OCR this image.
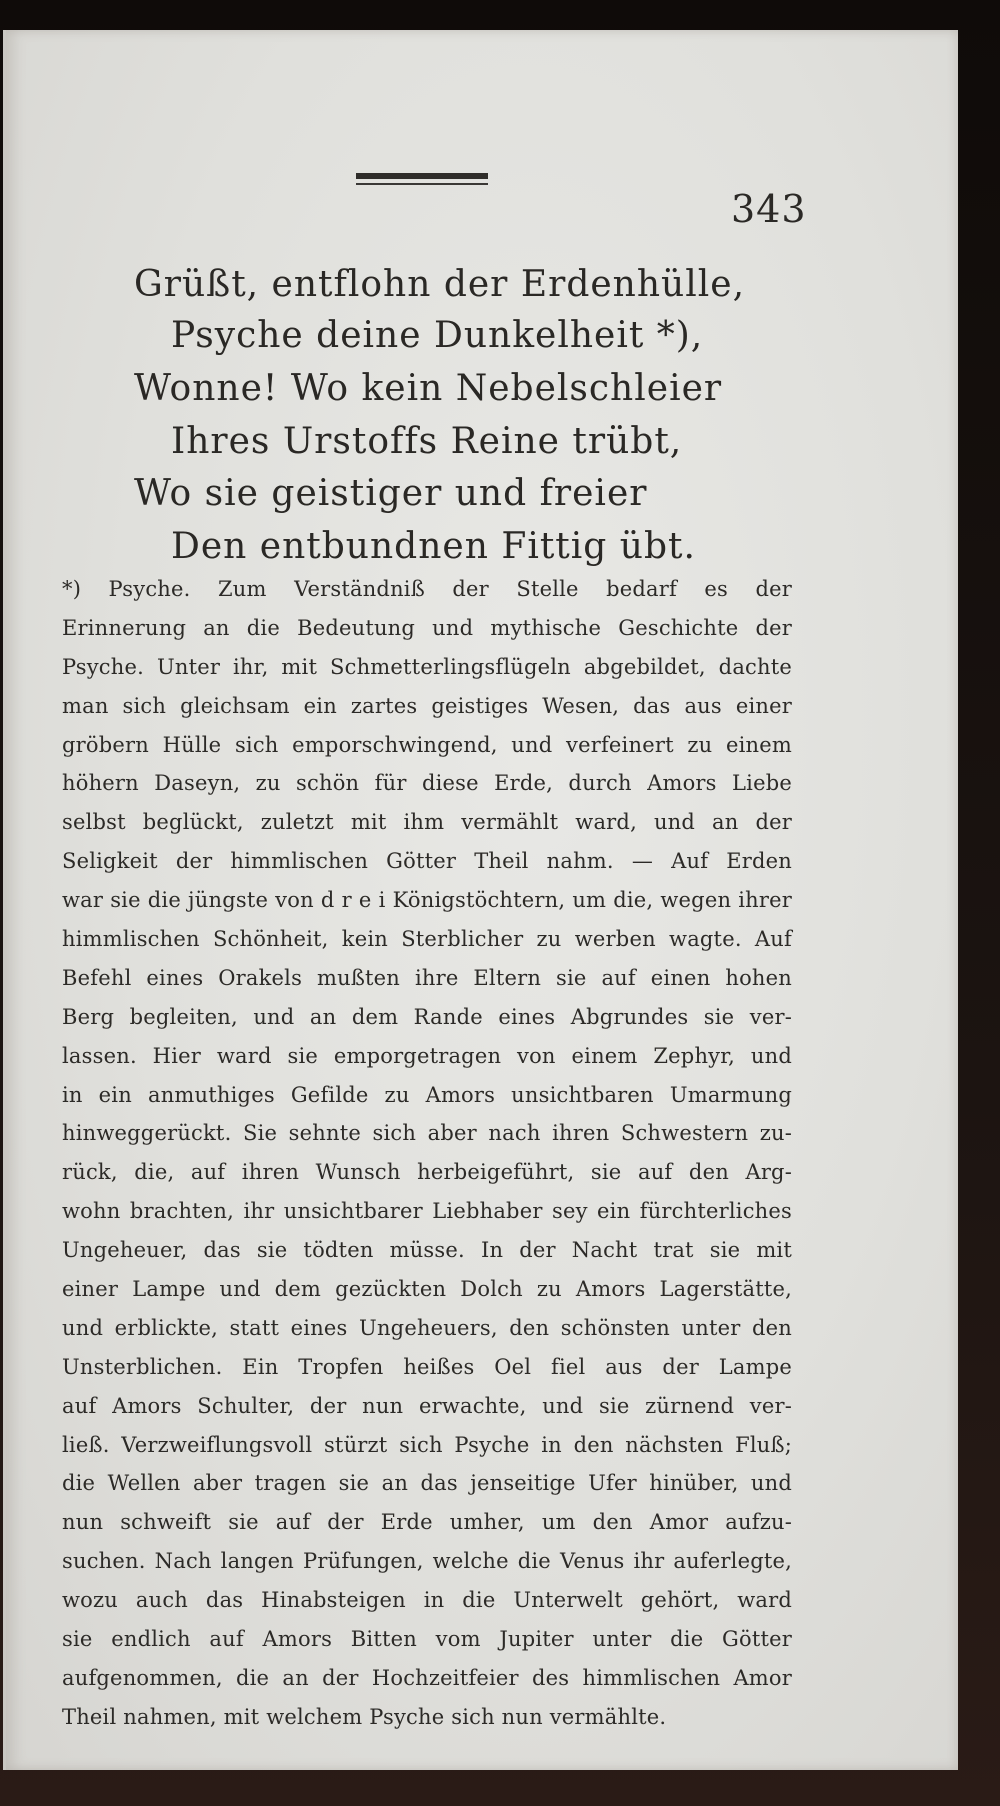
343
Grüßt, entflohn der Erdenhülle,
Psyche deine Dunkelheit *),
Wonne! Wo kein Nebelschleier
Ihres Urstoffs Reine trübt,
Wo sie geistiger und freier
Den entbundnen Fittig übt.
*) Psyche. Zum Verständniß der Stelle bedarf es der
Erinnerung an die Bedeutung und mythische Geschichte der
Psyche. Unter ihr, mit Schmetterlingsflügeln abgebildet, dachte
man sich gleichsam ein zartes geistiges Wesen, das aus einer
gröbern Hülle sich emporschwingend, und verfeinert zu einem
höhern Daseyn, zu schön für diese Erde, durch Amors Liebe
selbst beglückt, zuletzt mit ihm vermählt ward, und an der
Seligkeit der himmlischen Götter Theil nahm. — Auf Erden
war sie die jüngste von d r e i Königstöchtern, um die, wegen ihrer
himmlischen Schönheit, kein Sterblicher zu werben wagte. Auf
Befehl eines Orakels mußten ihre Eltern sie auf einen hohen
Berg begleiten, und an dem Rande eines Abgrundes sie ver-
lassen. Hier ward sie emporgetragen von einem Zephyr, und
in ein anmuthiges Gefilde zu Amors unsichtbaren Umarmung
hinweggerückt. Sie sehnte sich aber nach ihren Schwestern zu-
rück, die, auf ihren Wunsch herbeigeführt, sie auf den Arg-
wohn brachten, ihr unsichtbarer Liebhaber sey ein fürchterliches
Ungeheuer, das sie tödten müsse. In der Nacht trat sie mit
einer Lampe und dem gezückten Dolch zu Amors Lagerstätte,
und erblickte, statt eines Ungeheuers, den schönsten unter den
Unsterblichen. Ein Tropfen heißes Oel fiel aus der Lampe
auf Amors Schulter, der nun erwachte, und sie zürnend ver-
ließ. Verzweiflungsvoll stürzt sich Psyche in den nächsten Fluß;
die Wellen aber tragen sie an das jenseitige Ufer hinüber, und
nun schweift sie auf der Erde umher, um den Amor aufzu-
suchen. Nach langen Prüfungen, welche die Venus ihr auferlegte,
wozu auch das Hinabsteigen in die Unterwelt gehört, ward
sie endlich auf Amors Bitten vom Jupiter unter die Götter
aufgenommen, die an der Hochzeitfeier des himmlischen Amor
Theil nahmen, mit welchem Psyche sich nun vermählte.
